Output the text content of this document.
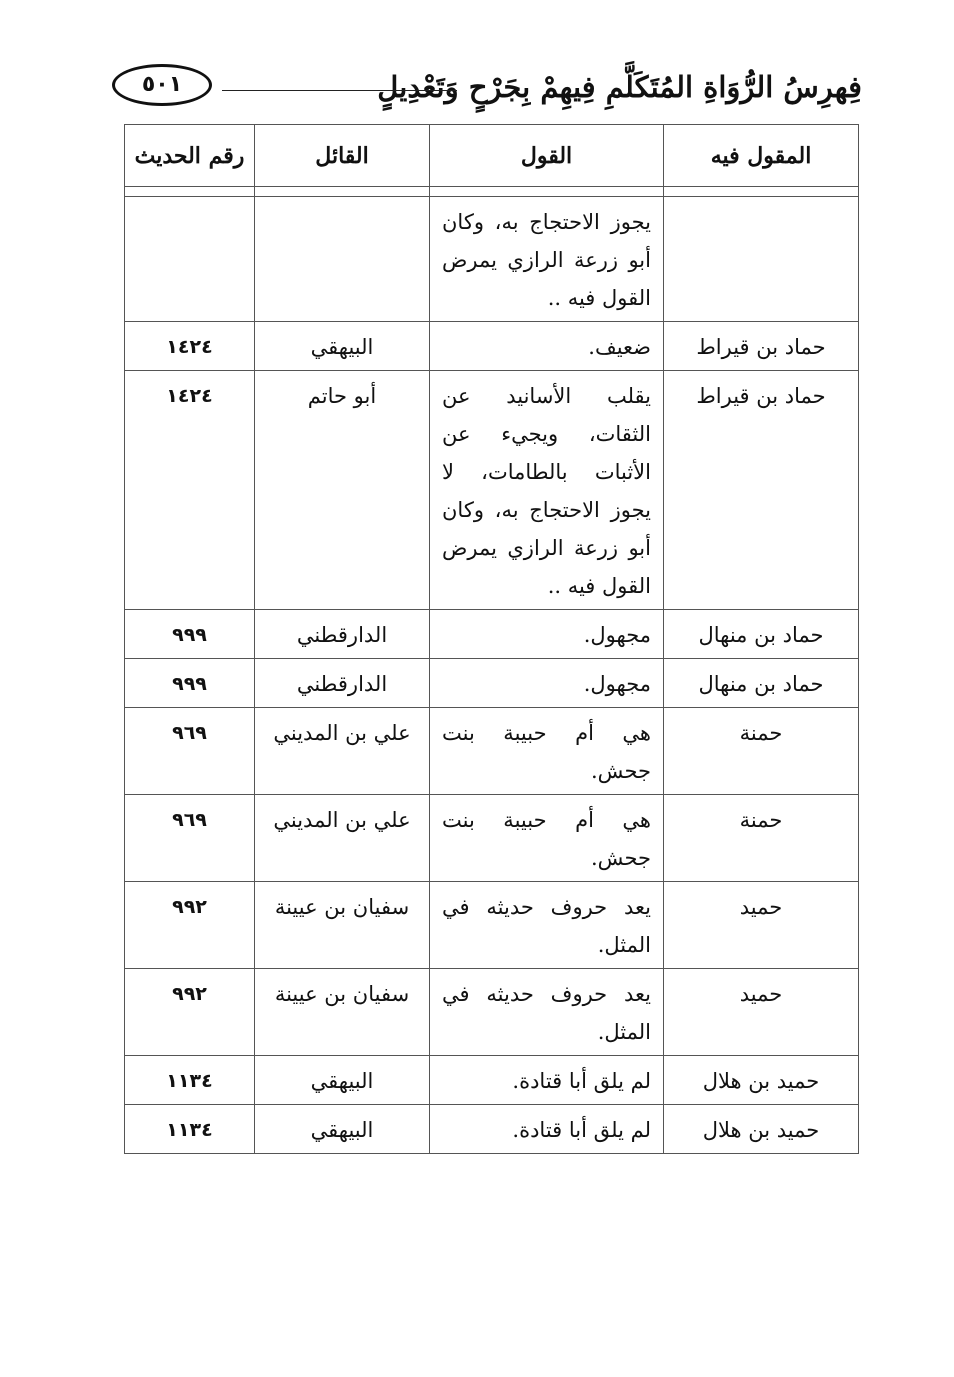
فِهرِسُ الرُّوَاةِ المُتَكَلَّمِ فِيهِمْ بِجَرْحٍ وَتَعْدِيلٍ
٥٠١
المقول فيه	القول	القائل	رقم الحديث

	يجوز الاحتجاج به، وكان أبو زرعة الرازي يمرض القول فيه ..		

حماد بن قيراط	ضعيف.	البيهقي	١٤٢٤

حماد بن قيراط	يقلب الأسانيد عن الثقات، ويجيء عن الأثبات بالطامات، لا يجوز الاحتجاج به، وكان أبو زرعة الرازي يمرض القول فيه ..	أبو حاتم	١٤٢٤

حماد بن منهال	مجهول.	الدارقطني	٩٩٩

حماد بن منهال	مجهول.	الدارقطني	٩٩٩

حمنة	هي أم حبيبة بنت جحش.	علي بن المديني	٩٦٩

حمنة	هي أم حبيبة بنت جحش.	علي بن المديني	٩٦٩

حميد	يعد حروف حديثه في المثل.	سفيان بن عيينة	٩٩٢

حميد	يعد حروف حديثه في المثل.	سفيان بن عيينة	٩٩٢

حميد بن هلال	لم يلق أبا قتادة.	البيهقي	١١٣٤

حميد بن هلال	لم يلق أبا قتادة.	البيهقي	١١٣٤
